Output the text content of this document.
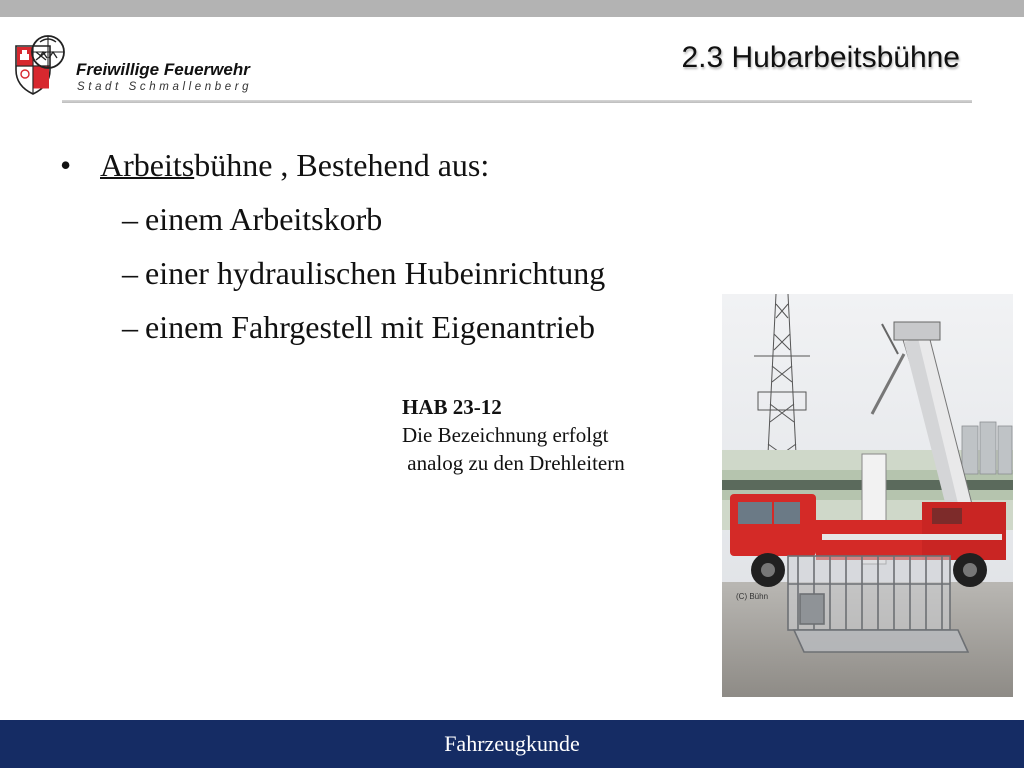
Freiwillige Feuerwehr
Stadt Schmallenberg
2.3 Hubarbeitsbühne
• Arbeitsbühne , Bestehend aus:
– einem Arbeitskorb
– einer hydraulischen Hubeinrichtung
– einem Fahrgestell mit Eigenantrieb
HAB 23-12
Die Bezeichnung erfolgt
analog zu den Drehleitern
(C) Bühn
Fahrzeugkunde
